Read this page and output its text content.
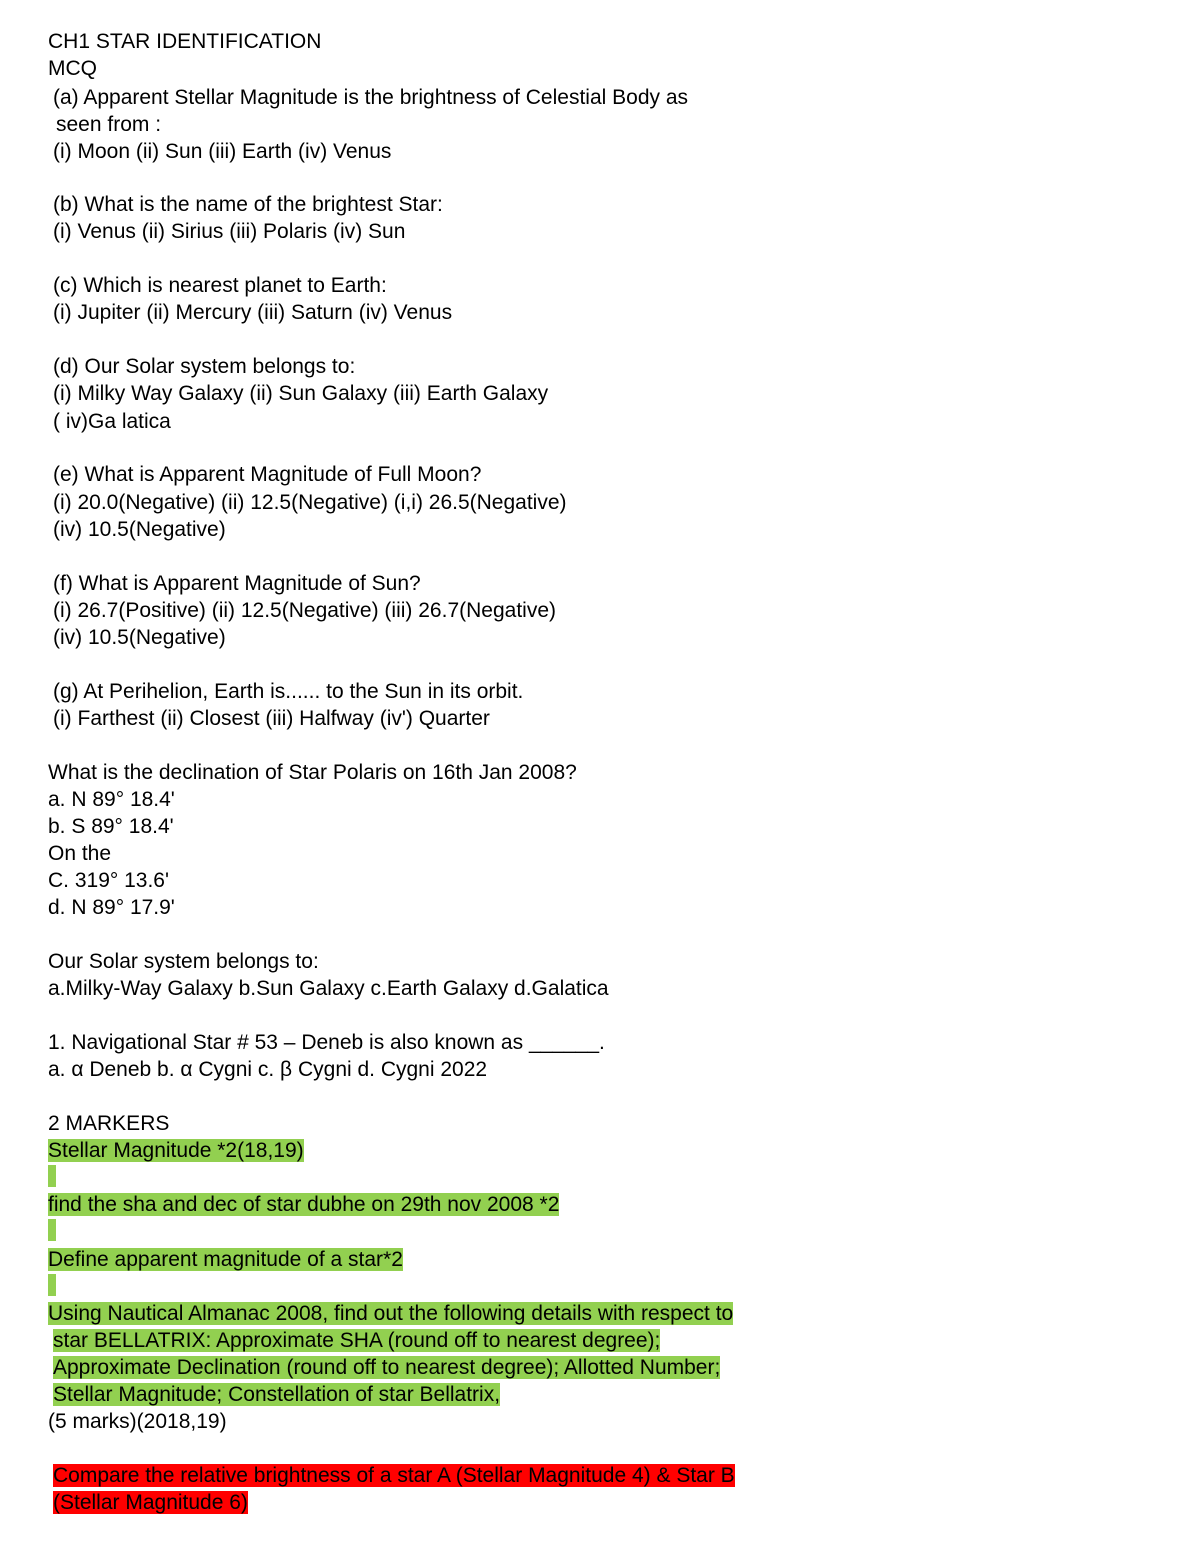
CH1 STAR IDENTIFICATION
MCQ
(a) Apparent Stellar Magnitude is the brightness of Celestial Body as
seen from :
(i) Moon (ii) Sun (iii) Earth (iv) Venus
(b) What is the name of the brightest Star:
(i) Venus (ii) Sirius (iii) Polaris (iv) Sun
(c) Which is nearest planet to Earth:
(i) Jupiter (ii) Mercury (iii) Saturn (iv) Venus
(d) Our Solar system belongs to:
(i) Milky Way Galaxy (ii) Sun Galaxy (iii) Earth Galaxy
( iv)Ga latica
(e) What is Apparent Magnitude of Full Moon?
(i) 20.0(Negative) (ii) 12.5(Negative) (i,i) 26.5(Negative)
(iv) 10.5(Negative)
(f) What is Apparent Magnitude of Sun?
(i) 26.7(Positive) (ii) 12.5(Negative) (iii) 26.7(Negative)
(iv) 10.5(Negative)
(g) At Perihelion, Earth is...... to the Sun in its orbit.
(i) Farthest (ii) Closest (iii) Halfway (iv') Quarter
What is the declination of Star Polaris on 16th Jan 2008?
a. N 89° 18.4'
b. S 89° 18.4'
On the
C. 319° 13.6'
d. N 89° 17.9'
Our Solar system belongs to:
a.Milky-Way Galaxy b.Sun Galaxy c.Earth Galaxy d.Galatica
1. Navigational Star # 53 – Deneb is also known as ______.
a. α Deneb b. α Cygni c. β Cygni d. Cygni 2022
2 MARKERS
Stellar Magnitude *2(18,19)
find the sha and dec of star dubhe on 29th nov 2008 *2
Define apparent magnitude of a star*2
Using Nautical Almanac 2008, find out the following details with respect to
star BELLATRIX: Approximate SHA (round off to nearest degree);
Approximate Declination (round off to nearest degree); Allotted Number;
Stellar Magnitude; Constellation of star Bellatrix,
(5 marks)(2018,19)
Compare the relative brightness of a star A (Stellar Magnitude 4) & Star B
(Stellar Magnitude 6)
